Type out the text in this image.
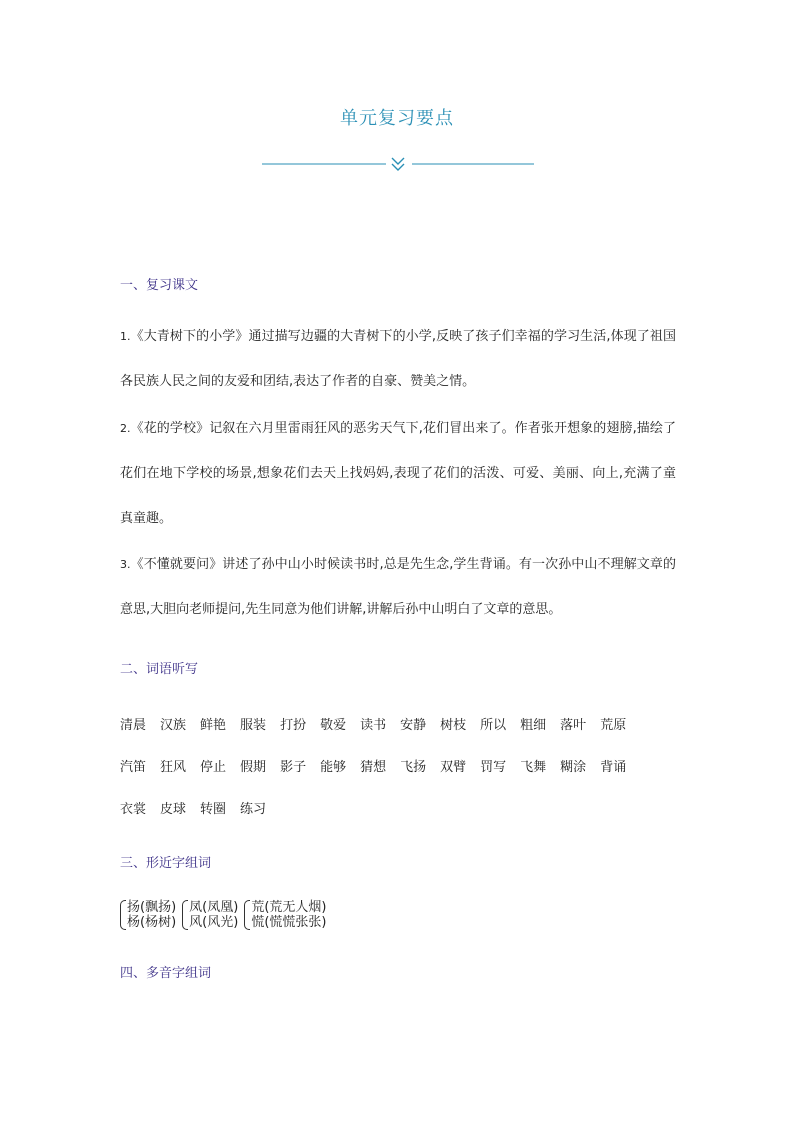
单元复习要点
一、复习课文
1.《大青树下的小学》通过描写边疆的大青树下的小学,反映了孩子们幸福的学习生活,体现了祖国各民族人民之间的友爱和团结,表达了作者的自豪、赞美之情。
2.《花的学校》记叙在六月里雷雨狂风的恶劣天气下,花们冒出来了。作者张开想象的翅膀,描绘了花们在地下学校的场景,想象花们去天上找妈妈,表现了花们的活泼、可爱、美丽、向上,充满了童真童趣。
3.《不懂就要问》讲述了孙中山小时候读书时,总是先生念,学生背诵。有一次孙中山不理解文章的意思,大胆向老师提问,先生同意为他们讲解,讲解后孙中山明白了文章的意思。
二、词语听写
清晨 汉族 鲜艳 服装 打扮 敬爱 读书 安静 树枝 所以 粗细 落叶 荒原
汽笛 狂风 停止 假期 影子 能够 猜想 飞扬 双臂 罚写 飞舞 糊涂 背诵
衣裳 皮球 转圈 练习
三、形近字组词
扬(飘扬)
杨(杨树)
凤(凤凰)
风(风光)
荒(荒无人烟)
慌(慌慌张张)
四、多音字组词
